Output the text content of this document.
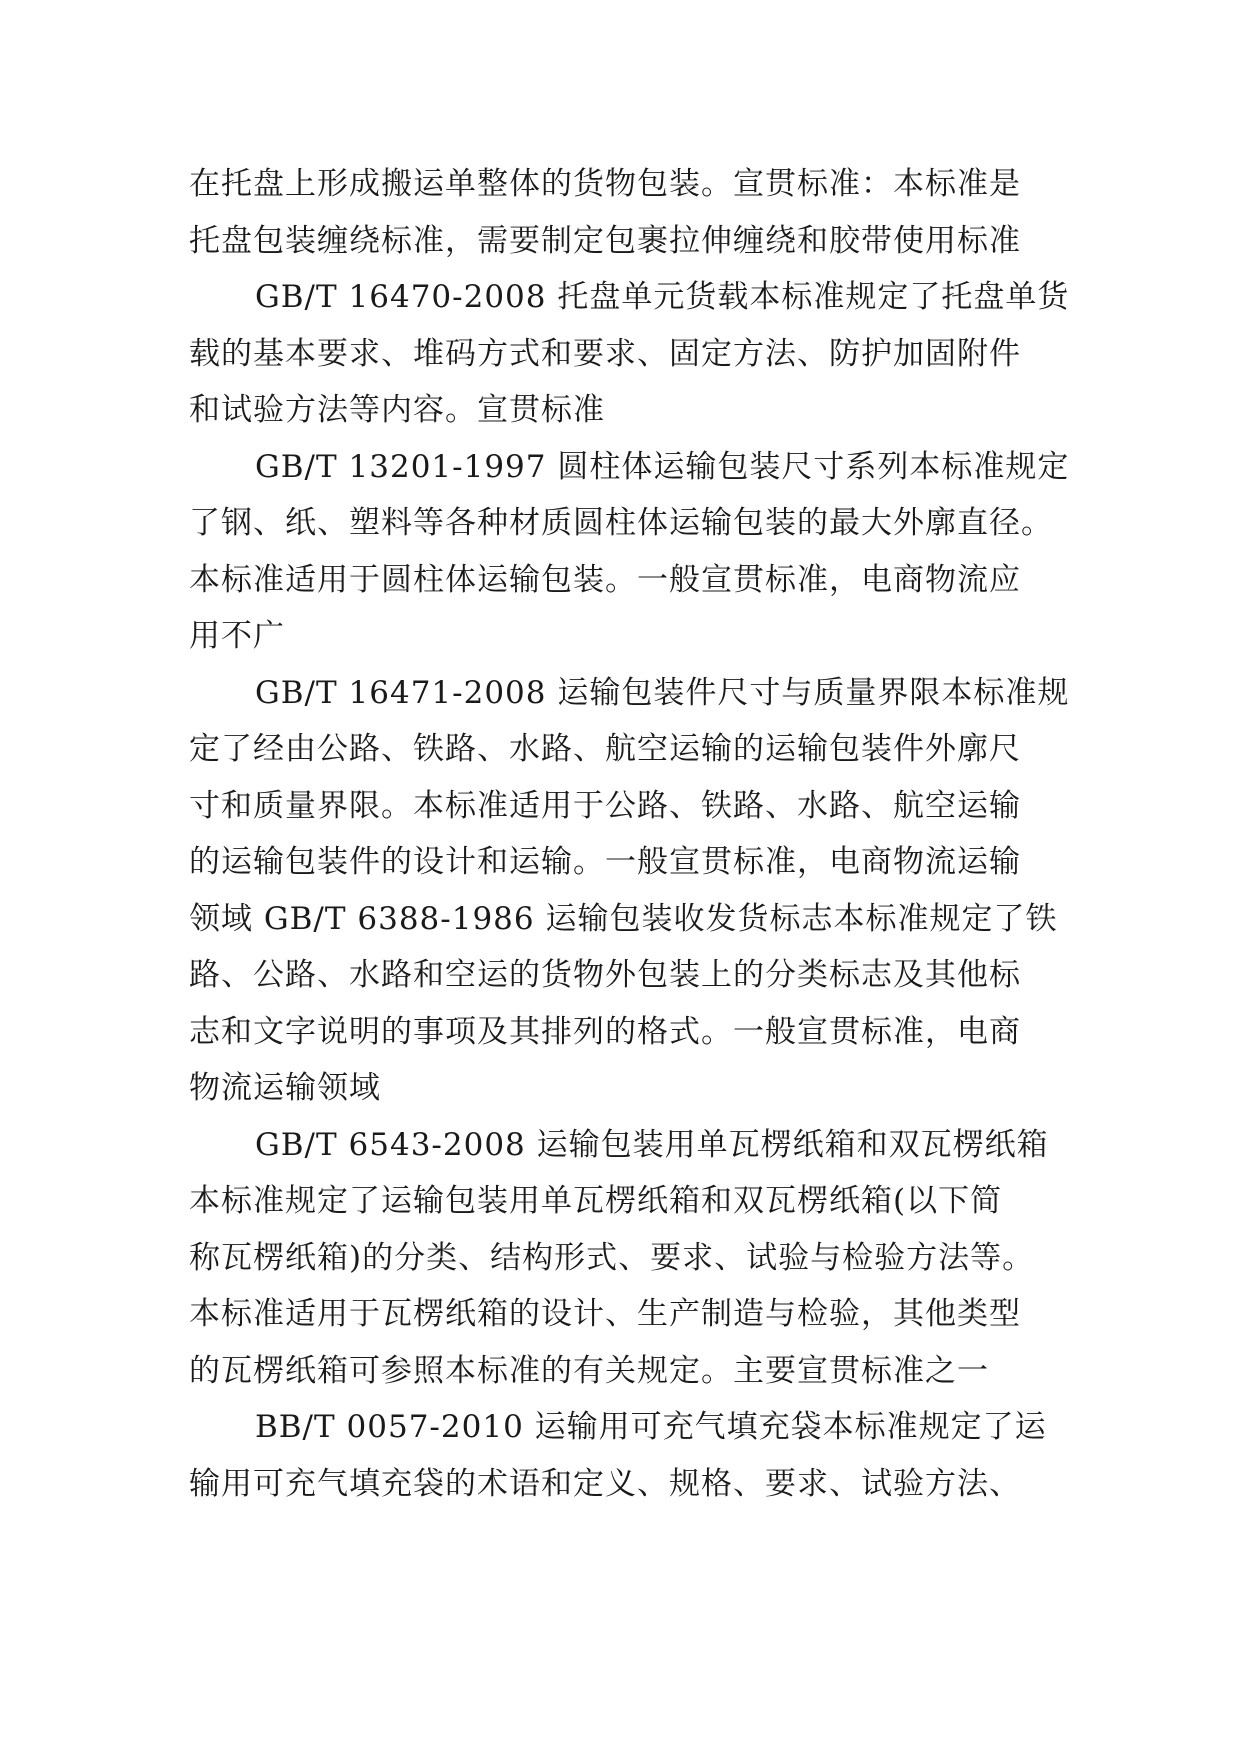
在托盘上形成搬运单整体的货物包装。宣贯标准：本标准是
托盘包装缠绕标准，需要制定包裹拉伸缠绕和胶带使用标准
GB/T 16470-2008 托盘单元货载本标准规定了托盘单货
载的基本要求、堆码方式和要求、固定方法、防护加固附件
和试验方法等内容。宣贯标准
GB/T 13201-1997 圆柱体运输包装尺寸系列本标准规定
了钢、纸、塑料等各种材质圆柱体运输包装的最大外廓直径。
本标准适用于圆柱体运输包装。一般宣贯标准，电商物流应
用不广
GB/T 16471-2008 运输包装件尺寸与质量界限本标准规
定了经由公路、铁路、水路、航空运输的运输包装件外廓尺
寸和质量界限。本标准适用于公路、铁路、水路、航空运输
的运输包装件的设计和运输。一般宣贯标准，电商物流运输
领域 GB/T 6388-1986 运输包装收发货标志本标准规定了铁
路、公路、水路和空运的货物外包装上的分类标志及其他标
志和文字说明的事项及其排列的格式。一般宣贯标准，电商
物流运输领域
GB/T 6543-2008 运输包装用单瓦楞纸箱和双瓦楞纸箱
本标准规定了运输包装用单瓦楞纸箱和双瓦楞纸箱(以下简
称瓦楞纸箱)的分类、结构形式、要求、试验与检验方法等。
本标准适用于瓦楞纸箱的设计、生产制造与检验，其他类型
的瓦楞纸箱可参照本标准的有关规定。主要宣贯标准之一
BB/T 0057-2010 运输用可充气填充袋本标准规定了运
输用可充气填充袋的术语和定义、规格、要求、试验方法、
